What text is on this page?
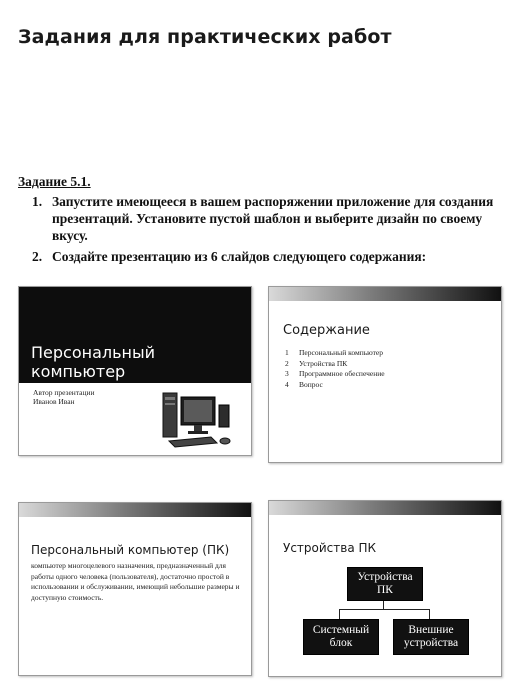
Задания для практических работ
Задание 5.1.
1. Запустите имеющееся в вашем распоряжении приложение для создания презентаций. Установите пустой шаблон и выберите дизайн по своему вкусу.
2. Создайте презентацию из 6 слайдов следующего содержания:
Персональный
компьютер
Автор презентации
Иванов Иван
Содержание
1	Персональный компьютер
2	Устройства ПК
3	Программное обеспечение
4	Вопрос
Персональный компьютер (ПК)
компьютер многоцелевого назначения, предназначенный для работы одного человека (пользователя), достаточно простой в использовании и обслуживании, имеющий небольшие размеры и доступную стоимость.
Устройства ПК
Устройства ПК
Системный блок
Внешние устройства
